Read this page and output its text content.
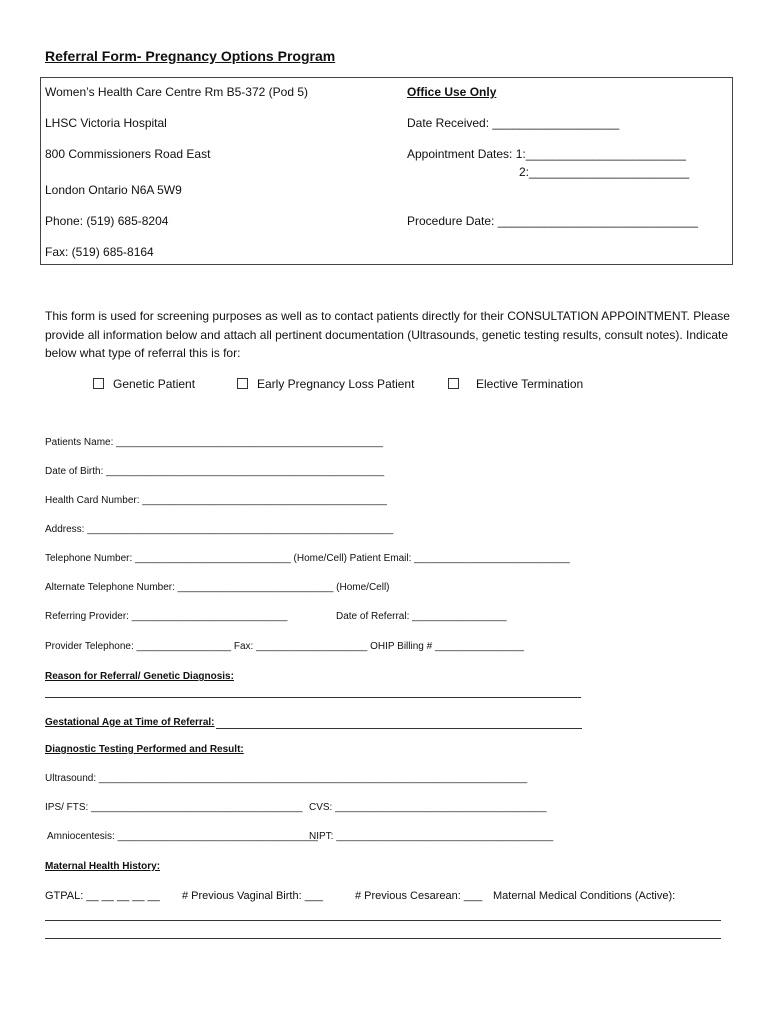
Referral Form- Pregnancy Options Program
Women’s Health Care Centre Rm B5-372 (Pod 5)
LHSC Victoria Hospital
800 Commissioners Road East
London Ontario N6A 5W9
Phone: (519) 685-8204
Fax: (519) 685-8164
Office Use Only
Date Received: ___________________
Appointment Dates: 1:________________________
2:________________________
Procedure Date: ______________________________
This form is used for screening purposes as well as to contact patients directly for their CONSULTATION APPOINTMENT. Please provide all information below and attach all pertinent documentation (Ultrasounds, genetic testing results, consult notes). Indicate below what type of referral this is for:
Genetic Patient	Early Pregnancy Loss Patient	Elective Termination
Patients Name: ________________________________________________
Date of Birth: __________________________________________________
Health Card Number: ____________________________________________
Address: _______________________________________________________
Telephone Number: ____________________________ (Home/Cell) Patient Email: ____________________________
Alternate Telephone Number: ____________________________ (Home/Cell)
Referring Provider: ____________________________	Date of Referral: _________________
Provider Telephone: _________________ Fax: ____________________ OHIP Billing # ________________
Reason for Referral/ Genetic Diagnosis:
Gestational Age at Time of Referral:
Diagnostic Testing Performed and Result:
Ultrasound: _____________________________________________________________________________
IPS/ FTS: ______________________________________ CVS: ______________________________________
Amniocentesis: ____________________________________
NIPT: _______________________________________
Maternal Health History:
GTPAL: __ __ __ __ __ # Previous Vaginal Birth: ___	# Previous Cesarean: ___ Maternal Medical Conditions (Active):
